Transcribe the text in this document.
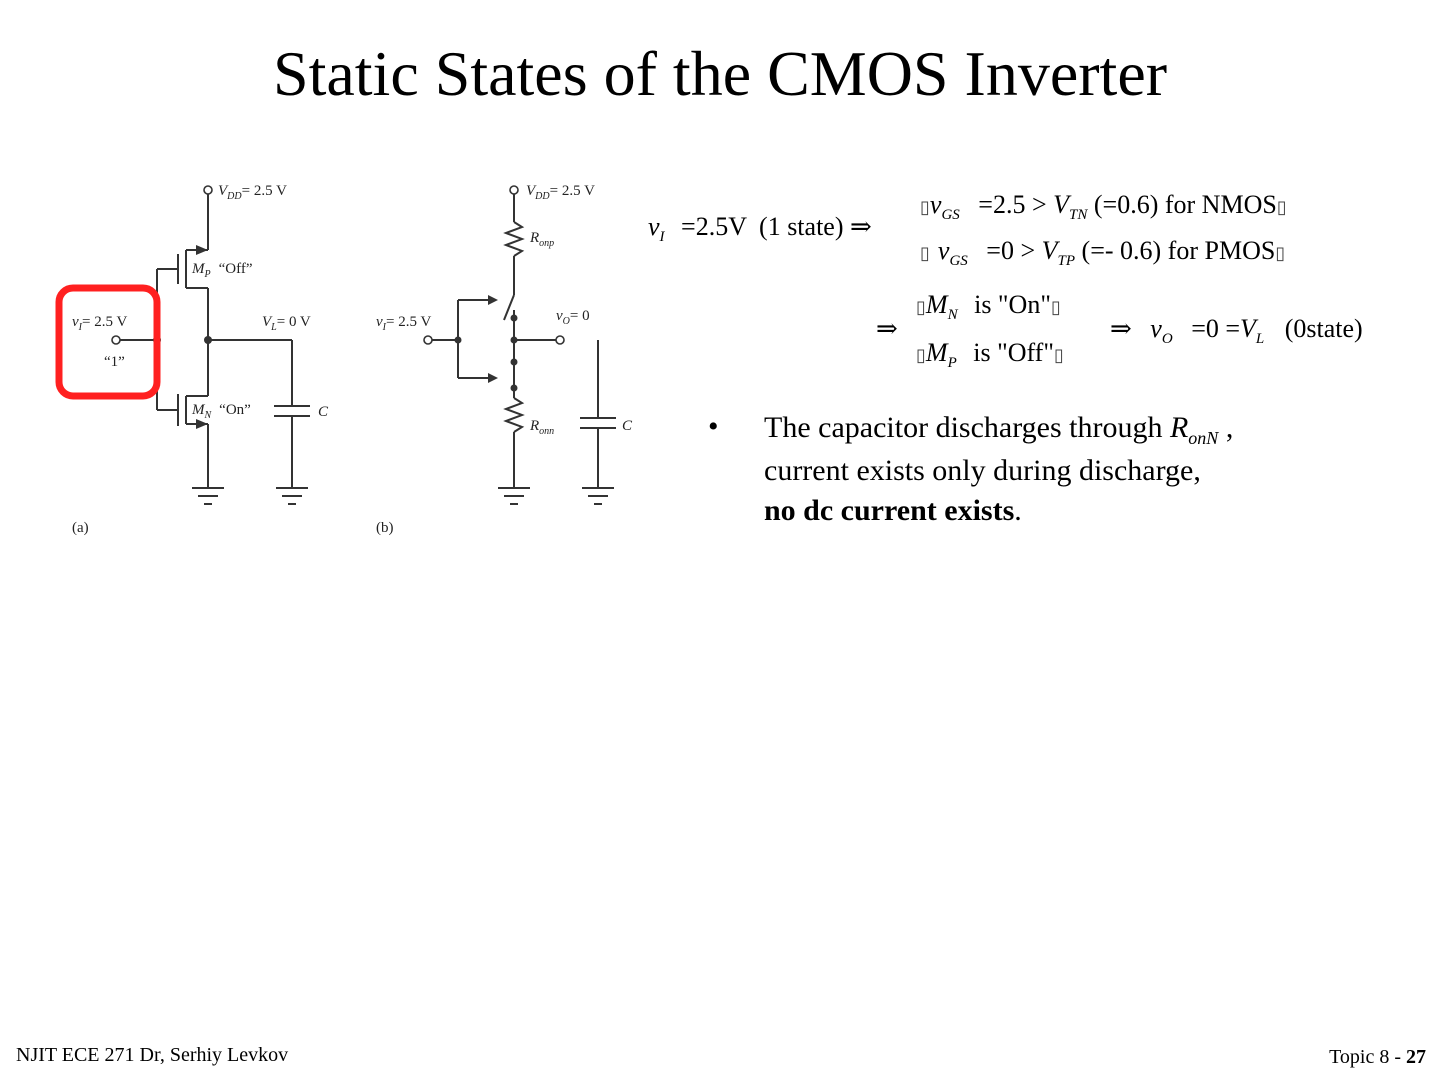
Static States of the CMOS Inverter
$V_{DD}= 2.5$ V
$M_P$ “Off”
$V_L= 0$ V
$v_I= 2.5$ V
“1”
$M_N$ “On”	C
(a)
$V_{DD}= 2.5$ V
$R_{onp}$
$v_I= 2.5$ V	$v_O= 0$
$R_{onn}$	C
(b)
$v_I =2.5V$ (1 state) ⇒
$▯v_{GS} =2.5 > V_{TN}$ (=0.6) for NMOS▯
▯ $v_{GS} =0 > V_{TP}$ (=- 0.6) for PMOS▯
⇒
$▯M_N$ is "On"▯
$▯M_P$ is "Off"▯
⇒ $v_O =0 =V_L$ (0state)
• The capacitor discharges through $R_{onN}$ ,
current exists only during discharge,
no dc current exists.
NJIT ECE 271 Dr, Serhiy Levkov	Topic 8 - 27
